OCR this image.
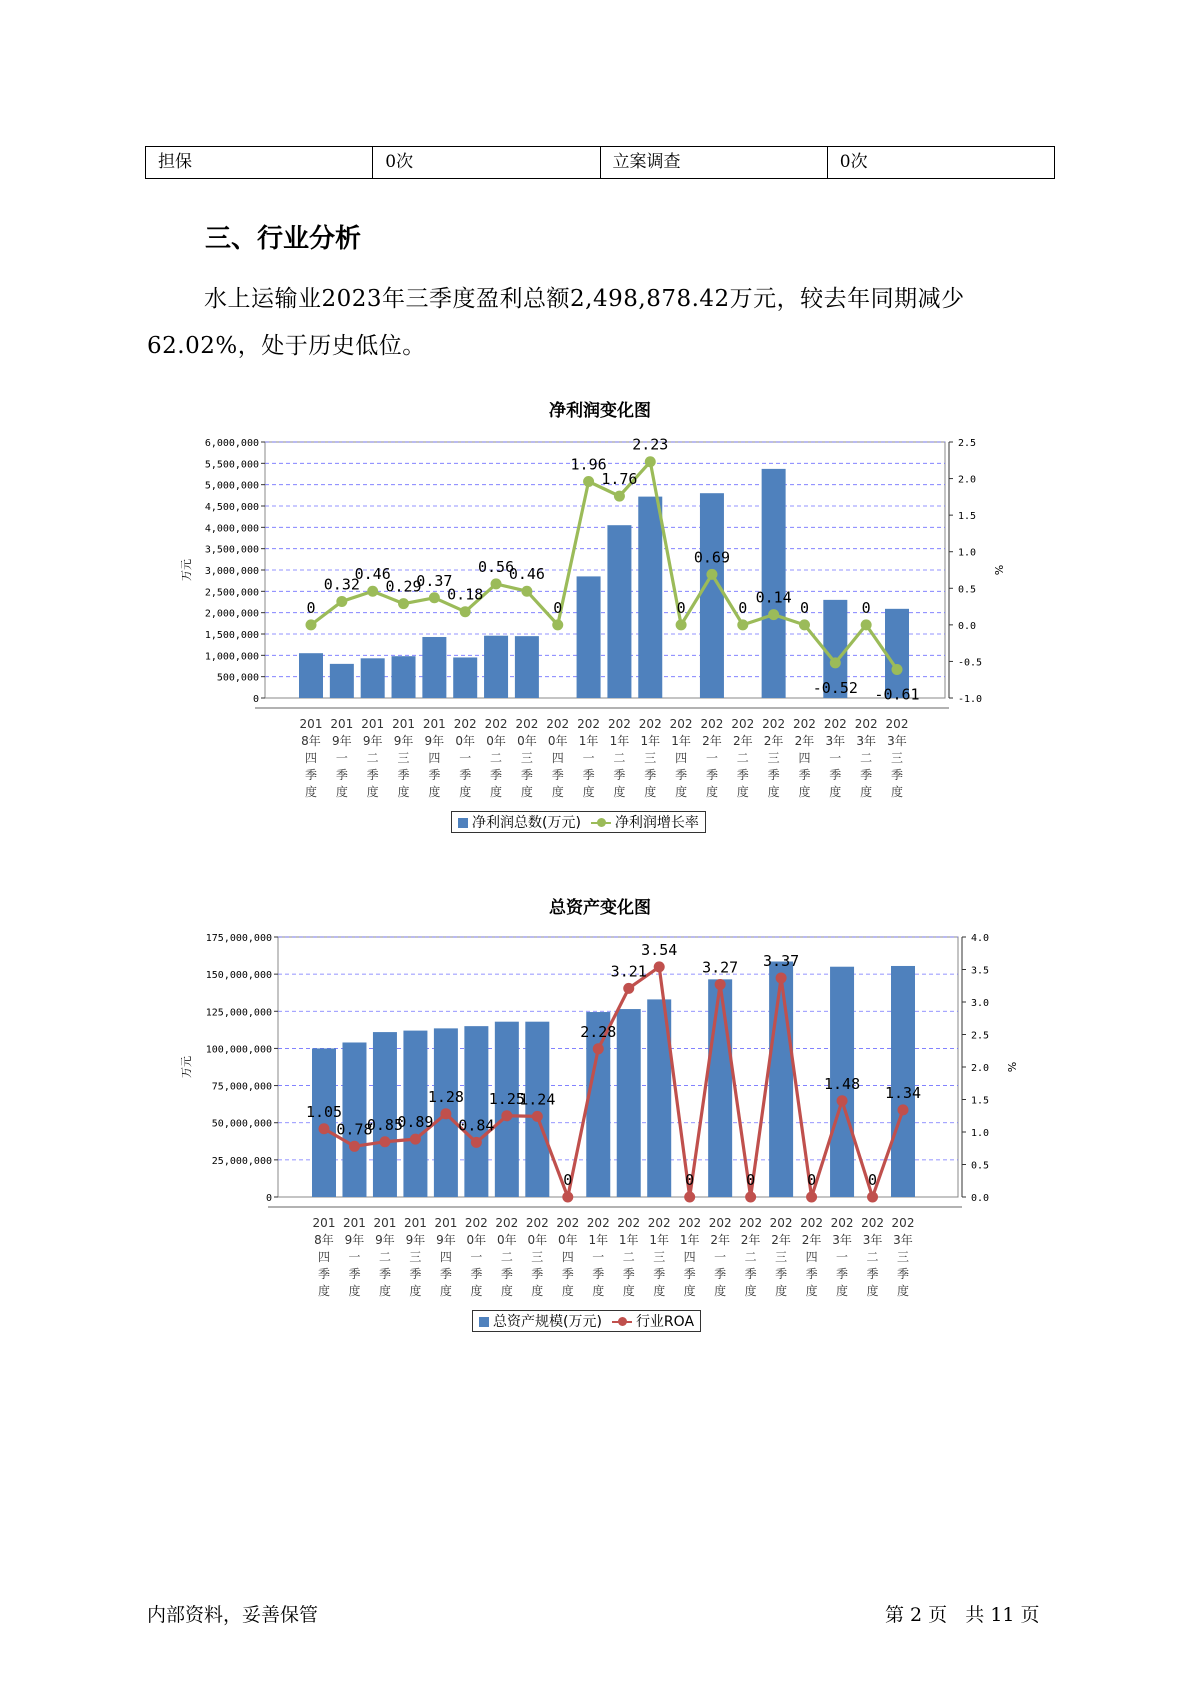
担保	0次	立案调查	0次
三、行业分析

水上运输业2023年三季度盈利总额2,498,878.42万元，较去年同期减少62.02%，处于历史低位。

净利润变化图
0
500,000
1,000,000
1,500,000
2,000,000
2,500,000
3,000,000
3,500,000
4,000,000
4,500,000
5,000,000
5,500,000
6,000,000
-1.0
-0.5
0.0
0.5
1.0
1.5
2.0
2.5
万元	%
201
8年
四
季
度
201
9年
一
季
度
201
9年
二
季
度
201
9年
三
季
度
201
9年
四
季
度
202
0年
一
季
度
202
0年
二
季
度
202
0年
三
季
度
202
0年
四
季
度
202
1年
一
季
度
202
1年
二
季
度
202
1年
三
季
度
202
1年
四
季
度
202
2年
一
季
度
202
2年
二
季
度
202
2年
三
季
度
202
2年
四
季
度
202
3年
一
季
度
202
3年
二
季
度
202
3年
三
季
度
0
0.32
0.46
0.29
0.37
0.18
0.56
0.46
0
1.96
1.76
2.23
0
0.69
0
0.14
0
-0.52
0
-0.61
净利润总数(万元)	净利润增长率
总资产变化图
0
25,000,000
50,000,000
75,000,000
100,000,000
125,000,000
150,000,000
175,000,000
0.0
0.5
1.0
1.5
2.0
2.5
3.0
3.5
4.0
万元	%
201
8年
四
季
度
201
9年
一
季
度
201
9年
二
季
度
201
9年
三
季
度
201
9年
四
季
度
202
0年
一
季
度
202
0年
二
季
度
202
0年
三
季
度
202
0年
四
季
度
202
1年
一
季
度
202
1年
二
季
度
202
1年
三
季
度
202
1年
四
季
度
202
2年
一
季
度
202
2年
二
季
度
202
2年
三
季
度
202
2年
四
季
度
202
3年
一
季
度
202
3年
二
季
度
202
3年
三
季
度
1.05
0.78
0.85
0.89
1.28
0.84
1.25
1.24
0
2.28
3.21
3.54
0
3.27
0
3.37
0
1.48
0
1.34
总资产规模(万元)	行业ROA
内部资料，妥善保管	第 2 页   共 11 页
